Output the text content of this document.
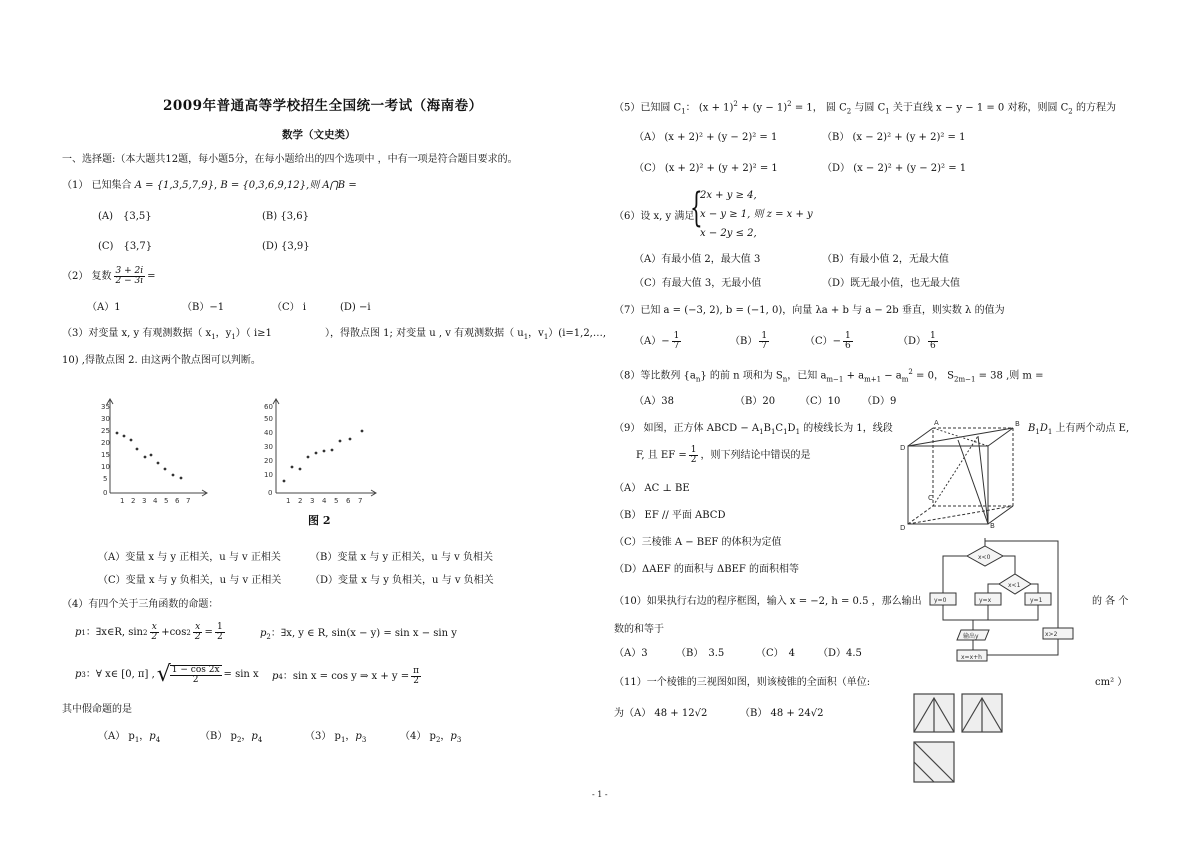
2009年普通高等学校招生全国统一考试（海南卷）
数学（文史类）
一、选择题:（本大题共12题，每小题5分，在每小题给出的四个选项中 ，中有一项是符合题目要求的。
（1） 已知集合 A = {1,3,5,7,9}, B = {0,3,6,9,12},则 A⋂B =
(A)　{3,5}	(B) {3,6}
(C)　{3,7}	(D) {3,9}
（2） 复数 $\frac{3 + 2i}{2 - 3i}$ =
（A）1	（B）−1	（C） i	(D) −i
（3）对变量 x, y 有观测数据（ $x_1$，$y_1$）（ i≥1	），得散点图 1; 对变量 u , v 有观测数据（ $u_1$，$v_1)(i=1,2,\dots$,
10) ,得散点图 2. 由这两个散点图可以判断。
35
30
25
20
15
10
5
0
1 2 3 4 5 6 7
60
50
40
30
20
10
0
1 2 3 4 5 6 7
图 2
（A）变量 x 与 y 正相关，u 与 v 正相关	（B）变量 x 与 y 正相关，u 与 v 负相关
（C）变量 x 与 y 负相关，u 与 v 正相关	（D）变量 x 与 y 负相关，u 与 v 负相关
（4）有四个关于三角函数的命题：
p 1 ：∃x∈R, $\sin 2 \frac{x}{2} +\cos$ $2 \frac{x}{2} = \frac{1}{2}$	$p_2$：∃x, y ∈ R, sin(x − y) = sin x − sin y
p 3 ：∀ x∈ [0, π] , √ $\frac{1 - \cos 2x}{2} = \sin x$ p 4 ：sin x = cos y ⇒ $x + y = \frac{\pi}{2}$
其中假命题的是
（A） $p_1$，$p_4$	（B） $p_2$，$p_4$	（3） $p_1$，$p_3$	（4） $p_2$，$p_3$
（5）已知圆 $C_1$： $(x + 1)^2 + (y - 1)^2 = 1$， 圆 $C_2$ 与圆 $C_1$ 关于直线 x − y − 1 = 0 对称，则圆 $C_2$ 的方程为
（A） (x + 2)² + (y − 2)² = 1	（B） (x − 2)² + (y + 2)² = 1
（C） (x + 2)² + (y + 2)² = 1	（D） (x − 2)² + (y − 2)² = 1
（6）设 x, y 满足
{
2x + y ≥ 4,
x − y ≥ 1, 则 z = x + y
x − 2y ≤ 2,
（A）有最小值 2，最大值 3	（B）有最小值 2，无最大值
（C）有最大值 3，无最小值	（D）既无最小值，也无最大值
（7）已知 a = (−3, 2), b = (−1, 0)，向量 λa + b 与 a − 2b 垂直，则实数 λ 的值为
$(A)- \frac{1}{7}$	$(B) \frac{1}{7}$	$(C)- \frac{1}{6}$	$(D) \frac{1}{6}$
（8）等比数列 $\{a_n\}$ 的前 n 项和为 $S_n$，已知 $a_{m-1} + a_{m+1} - a_m^2 = 0$， $S_{2m-1} = 38$ ,则 m =
（A）38	（B）20 （C）10 （D）9
（9） 如图，正方体 ABCD − $A_1B_1C_1D_1$ 的棱线长为 1，线段	$B_1D_1$ 上有两个动点 E,
F, 且 EF = $\frac{1}{2}$ ，则下列结论中错误的是
（A） AC ⊥ BE
（B） EF // 平面 ABCD
（C）三棱锥 A − BEF 的体积为定值
（D）ΔAEF 的面积与 ΔBEF 的面积相等
D
A	B
B
D
C
（10）如果执行右边的程序框图，输入 x = −2, h = 0.5 ，那么输出	的 各 个
数的和等于
（A）3	（B）　3.5	（C）　4 （D）4.5
x<0
x<1
y=0	y=x	y=1
输出y
x=x+h
x>2
（11）一个棱锥的三视图如图，则该棱锥的全面积（单位:	cm² ）
为（A） 48 + 12√2	（B） 48 + 24√2
- 1 -
